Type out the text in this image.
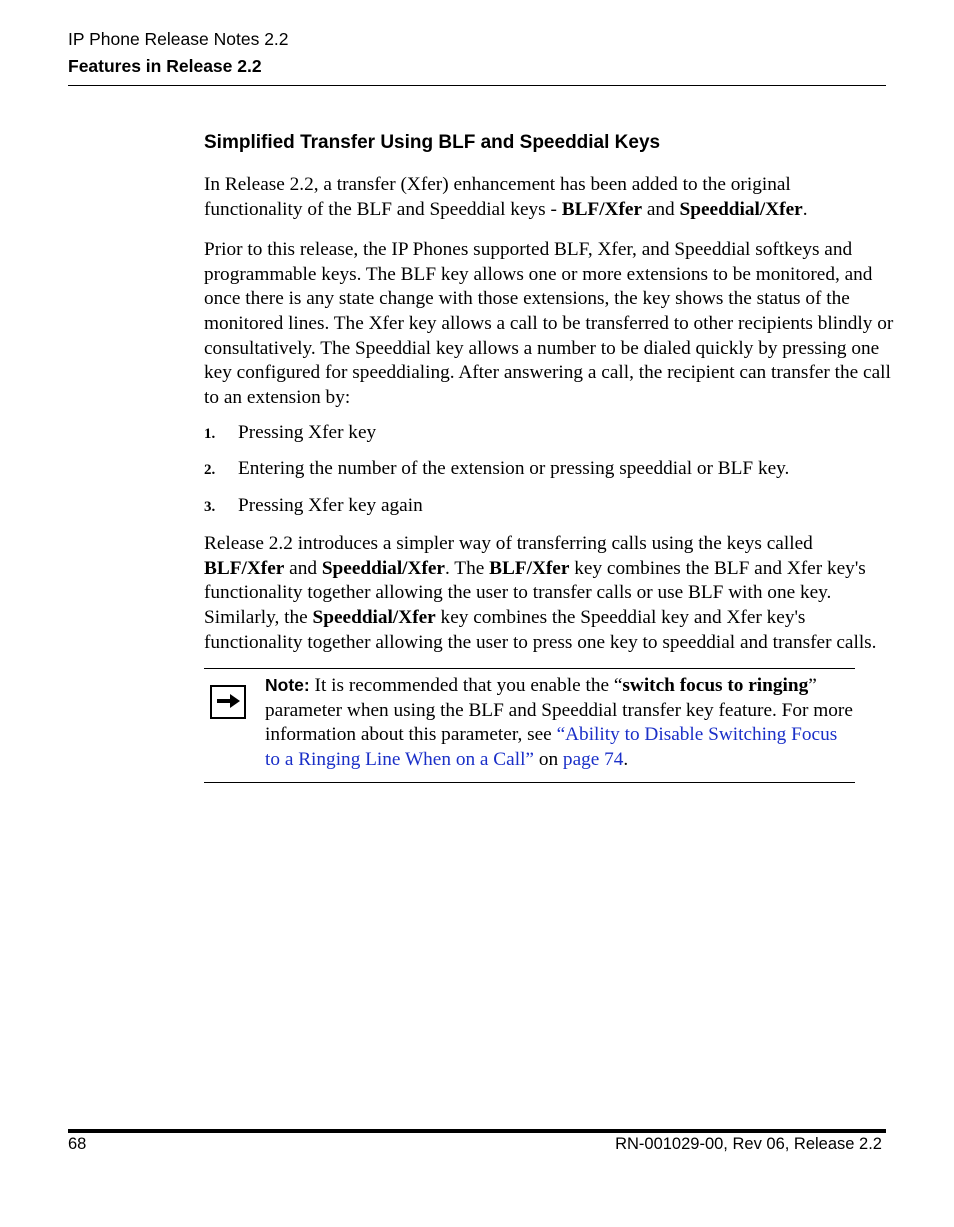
IP Phone Release Notes 2.2
Features in Release 2.2
Simplified Transfer Using BLF and Speeddial Keys

In Release 2.2, a transfer (Xfer) enhancement has been added to the original functionality of the BLF and Speeddial keys - BLF/Xfer and Speeddial/Xfer.

Prior to this release, the IP Phones supported BLF, Xfer, and Speeddial softkeys and programmable keys. The BLF key allows one or more extensions to be monitored, and once there is any state change with those extensions, the key shows the status of the monitored lines. The Xfer key allows a call to be transferred to other recipients blindly or consultatively. The Speeddial key allows a number to be dialed quickly by pressing one key configured for speeddialing. After answering a call, the recipient can transfer the call to an extension by:

1. Pressing Xfer key
2. Entering the number of the extension or pressing speeddial or BLF key.
3. Pressing Xfer key again

Release 2.2 introduces a simpler way of transferring calls using the keys called BLF/Xfer and Speeddial/Xfer. The BLF/Xfer key combines the BLF and Xfer key's functionality together allowing the user to transfer calls or use BLF with one key. Similarly, the Speeddial/Xfer key combines the Speeddial key and Xfer key's functionality together allowing the user to press one key to speeddial and transfer calls.

Note: It is recommended that you enable the “switch focus to ringing” parameter when using the BLF and Speeddial transfer key feature. For more information about this parameter, see “Ability to Disable Switching Focus to a Ringing Line When on a Call” on page 74.
68	RN-001029-00, Rev 06, Release 2.2
